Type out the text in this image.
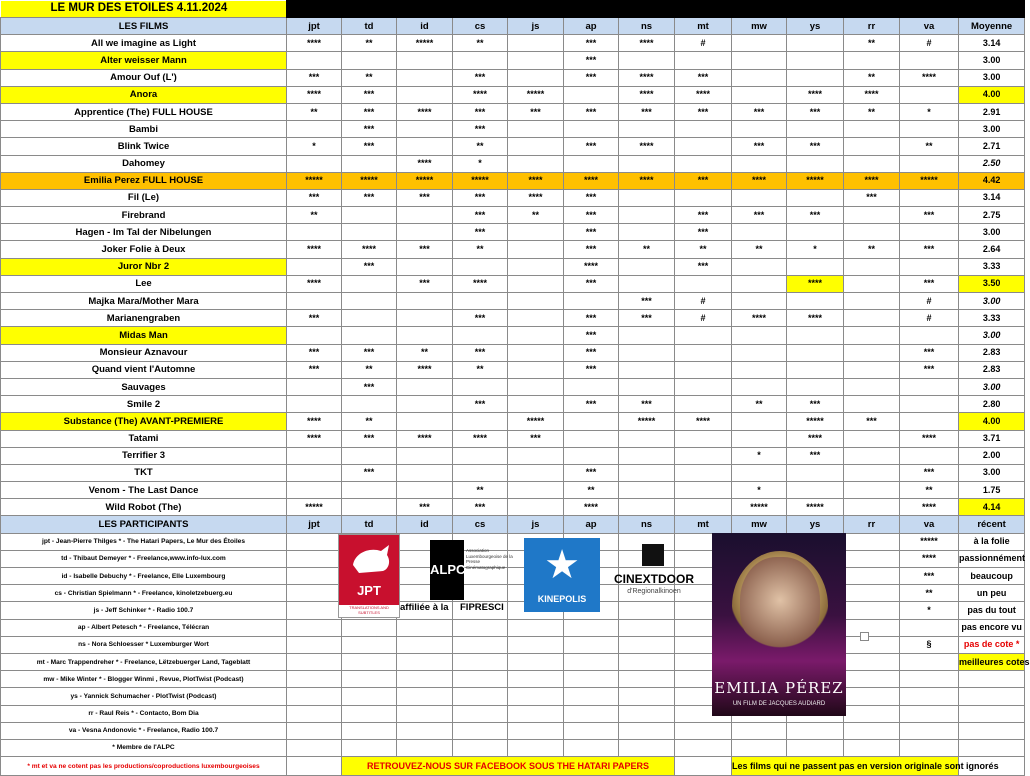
LE MUR DES ETOILES 4.11.2024													
LES FILMS	jpt	td	id	cs	js	ap	ns	mt	mw	ys	rr	va	Moyenne
All we imagine as Light	****	**	*****	**		***	****	#			**	#	3.14
Alter weisser Mann						***							3.00
Amour Ouf (L')	***	**		***		***	****	***			**	****	3.00
Anora	****	***		****	*****		****	****		****	****		4.00
Apprentice (The) FULL HOUSE	**	***	****	***	***	***	***	***	***	***	**	*	2.91
Bambi		***		***									3.00
Blink Twice	*	***		**		***	****		***	***		**	2.71
Dahomey			****	*									2.50
Emilia Perez FULL HOUSE	*****	*****	*****	*****	****	****	****	***	****	*****	****	*****	4.42
Fil (Le)	***	***	***	***	****	***					***		3.14
Firebrand	**			***	**	***		***	***	***		***	2.75
Hagen - Im Tal der Nibelungen				***		***		***					3.00
Joker Folie à Deux	****	****	***	**		***	**	**	**	*	**	***	2.64
Juror Nbr 2		***				****		***					3.33
Lee	****		***	****		***				****		***	3.50
Majka Mara/Mother Mara							***	#				#	3.00
Marianengraben	***			***		***	***	#	****	****		#	3.33
Midas Man						***							3.00
Monsieur Aznavour	***	***	**	***		***						***	2.83
Quand vient l'Automne	***	**	****	**		***						***	2.83
Sauvages		***											3.00
Smile 2				***		***	***		**	***			2.80
Substance (The) AVANT-PREMIERE	****	**			*****		*****	****		*****	***		4.00
Tatami	****	***	****	****	***					****		****	3.71
Terrifier 3									*	***			2.00
TKT		***				***						***	3.00
Venom - The Last Dance				**		**			*			**	1.75
Wild Robot (The)	*****		***	***		****			*****	*****		****	4.14
LES PARTICIPANTS	jpt	td	id	cs	js	ap	ns	mt	mw	ys	rr	va	récent
jpt - Jean-Pierre Thilges * - The Hatari Papers, Le Mur des Étoiles												*****	à la folie
td - Thibaut Demeyer * - Freelance,www.info-lux.com												****	passionnément
id - Isabelle Debuchy * - Freelance, Elle Luxembourg												***	beaucoup
cs - Christian Spielmann * - Freelance, kinoletzebuerg.eu												**	un peu
js - Jeff Schinker * - Radio 100.7												*	pas du tout
ap - Albert Petesch * - Freelance, Télécran													pas encore vu
ns - Nora Schloesser * Luxemburger Wort												§	pas de cote *
mt - Marc Trappendreher * - Freelance, Lëtzebuerger Land, Tageblatt													meilleures cotes
mw - Mike Winter * - Blogger Winmi , Revue, PlotTwist (Podcast)													
ys - Yannick Schumacher - PlotTwist (Podcast)													
rr - Raul Reis * - Contacto, Bom Dia													
va - Vesna Andonovic * - Freelance, Radio 100.7													
* Membre de l'ALPC													
* mt et va ne cotent pas les productions/coproductions luxembourgeoises		RETROUVEZ-NOUS SUR FACEBOOK SOUS THE HATARI PAPERS							Les films qui ne passent pas en version originale sont ignorés				
JPT
TRANSLATIONS AND SUBTITLES
ALPC
Association Luxembourgeoise de la Presse Cinématographique
affiliée à la FIPRESCI
★
KINEPOLIS
CINEXTDOOR
d'Regionalkinoen
EMILIA PÉREZ
UN FILM DE JACQUES AUDIARD
